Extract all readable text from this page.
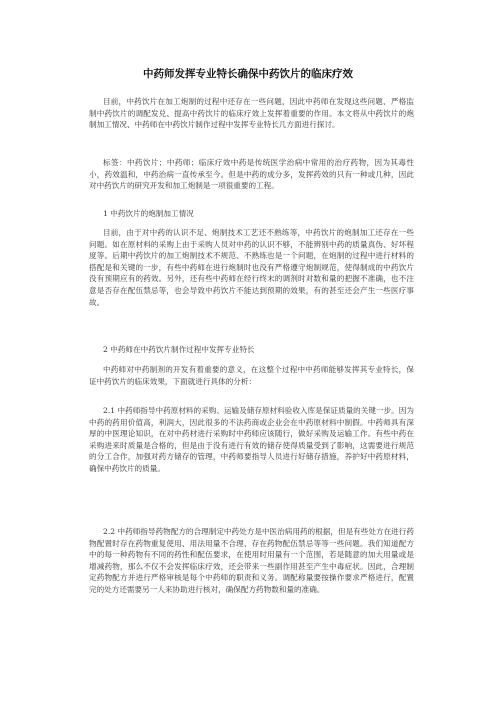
中药师发挥专业特长确保中药饮片的临床疗效

目前，中药饮片在加工炮制的过程中还存在一些问题，因此中药师在发现这些问题、严格监制中药饮片的调配发兑、提高中药饮片的临床疗效上发挥着重要的作用。本文将从中药饮片的炮制加工情况、中药师在中药饮片制作过程中发挥专业特长几方面进行探讨。

标签：中药饮片；中药师；临床疗效中药是传统医学治病中常用的治疗药物，因为其毒性小，药效温和，中药治病一直传承至今。但是中药的成分多，发挥药效的只有一种或几种，因此对中药饮片的研究开发和加工炮制是一项很重要的工程。

1 中药饮片的炮制加工情况

目前，由于对中药的认识不足、炮制技术工艺还不熟练等，中药饮片的炮制加工还存在一些问题。如在原材料的采购上由于采购人员对中药的认识不够，不能辨别中药的质量真伪、好坏程度等。后期中药饮片的加工炮制技术不规范、不熟练也是一个问题，在炮制的过程中进行材料的搭配是和关键的一步，有些中药师在进行炮制时也没有严格遵守炮制规范，使得制成的中药饮片没有预期应有的药效。另外，还有些中药师在经行终末的调剂时对数和量的把握不准确，也不注意是否存在配伍禁忌等，也会导致中药饮片不能达到预期的效果，有的甚至还会产生一些医疗事故。

2 中药师在中药饮片制作过程中发挥专业特长

中药师对中药制剂的开发有着重要的意义，在这整个过程中中药师能够发挥其专业特长，保证中药饮片的临床效果，下面就进行具体的分析：

2.1 中药师指导中药原材料的采购、运输及储存原材料验收入库是保证质量的关键一步。因为中药的药用价值高，利润大，因此很多的不法药商或企业会在中药原材料中制假。中药师具有深厚的中医理论知识，在对中药材进行采购时中药师应该随行，做好采购及运输工作。有些中药在采购进来时质量是合格的，但是由于没有进行有效的储存使得质量受到了影响，这需要进行规范的分工合作，加强对药方储存的管理，中药师要指导人员进行好储存措施，养护好中药原材料，确保中药饮片的质量。

2.2 中药师指导药物配方的合理制定中药处方是中医治病用药的根据，但是有些处方在进行药物配置时存在药物重复使用、用法用量不合理、存在药物配伍禁忌等等一些问题。我们知道配方中的每一种药物有不同的药性和配伍要求，在使用时用量有一个范围，若是随意的加大用量或是增减药物，那么不仅不会发挥临床疗效，还会带来一些副作用甚至产生中毒症状。因此，合理制定药物配方并进行严格审核是每个中药师的职责和义务。调配称量要按操作要求严格进行，配置完的处方还需要另一人来协助进行核对，确保配方药物数和量的准确。
